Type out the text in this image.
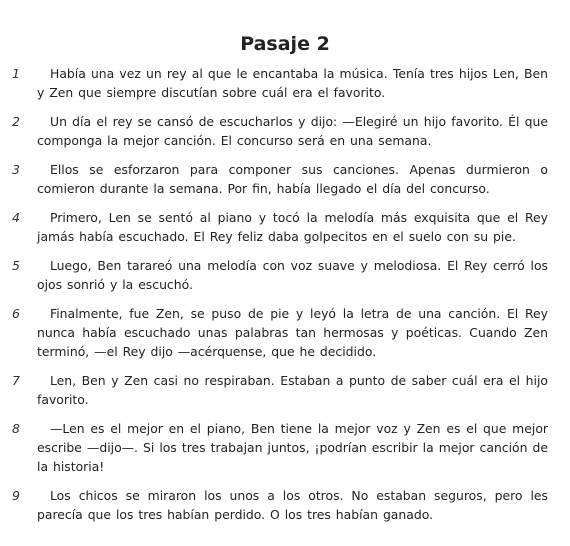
Pasaje 2
1	Había una vez un rey al que le encantaba la música. Tenía tres hijos Len, Ben y Zen que siempre discutían sobre cuál era el favorito.
2	Un día el rey se cansó de escucharlos y dijo: —Elegiré un hijo favorito. Él que componga la mejor canción. El concurso será en una semana.
3	Ellos se esforzaron para componer sus canciones. Apenas durmieron o comieron durante la semana. Por fin, había llegado el día del concurso.
4	Primero, Len se sentó al piano y tocó la melodía más exquisita que el Rey jamás había escuchado. El Rey feliz daba golpecitos en el suelo con su pie.
5	Luego, Ben tarareó una melodía con voz suave y melodiosa. El Rey cerró los ojos sonrió y la escuchó.
6	Finalmente, fue Zen, se puso de pie y leyó la letra de una canción. El Rey nunca había escuchado unas palabras tan hermosas y poéticas. Cuando Zen terminó, —el Rey dijo —acérquense, que he decidido.
7	Len, Ben y Zen casi no respiraban. Estaban a punto de saber cuál era el hijo favorito.
8	—Len es el mejor en el piano, Ben tiene la mejor voz y Zen es el que mejor escribe —dijo—. Si los tres trabajan juntos, ¡podrían escribir la mejor canción de la historia!
9	Los chicos se miraron los unos a los otros. No estaban seguros, pero les parecía que los tres habían perdido. O los tres habían ganado.
